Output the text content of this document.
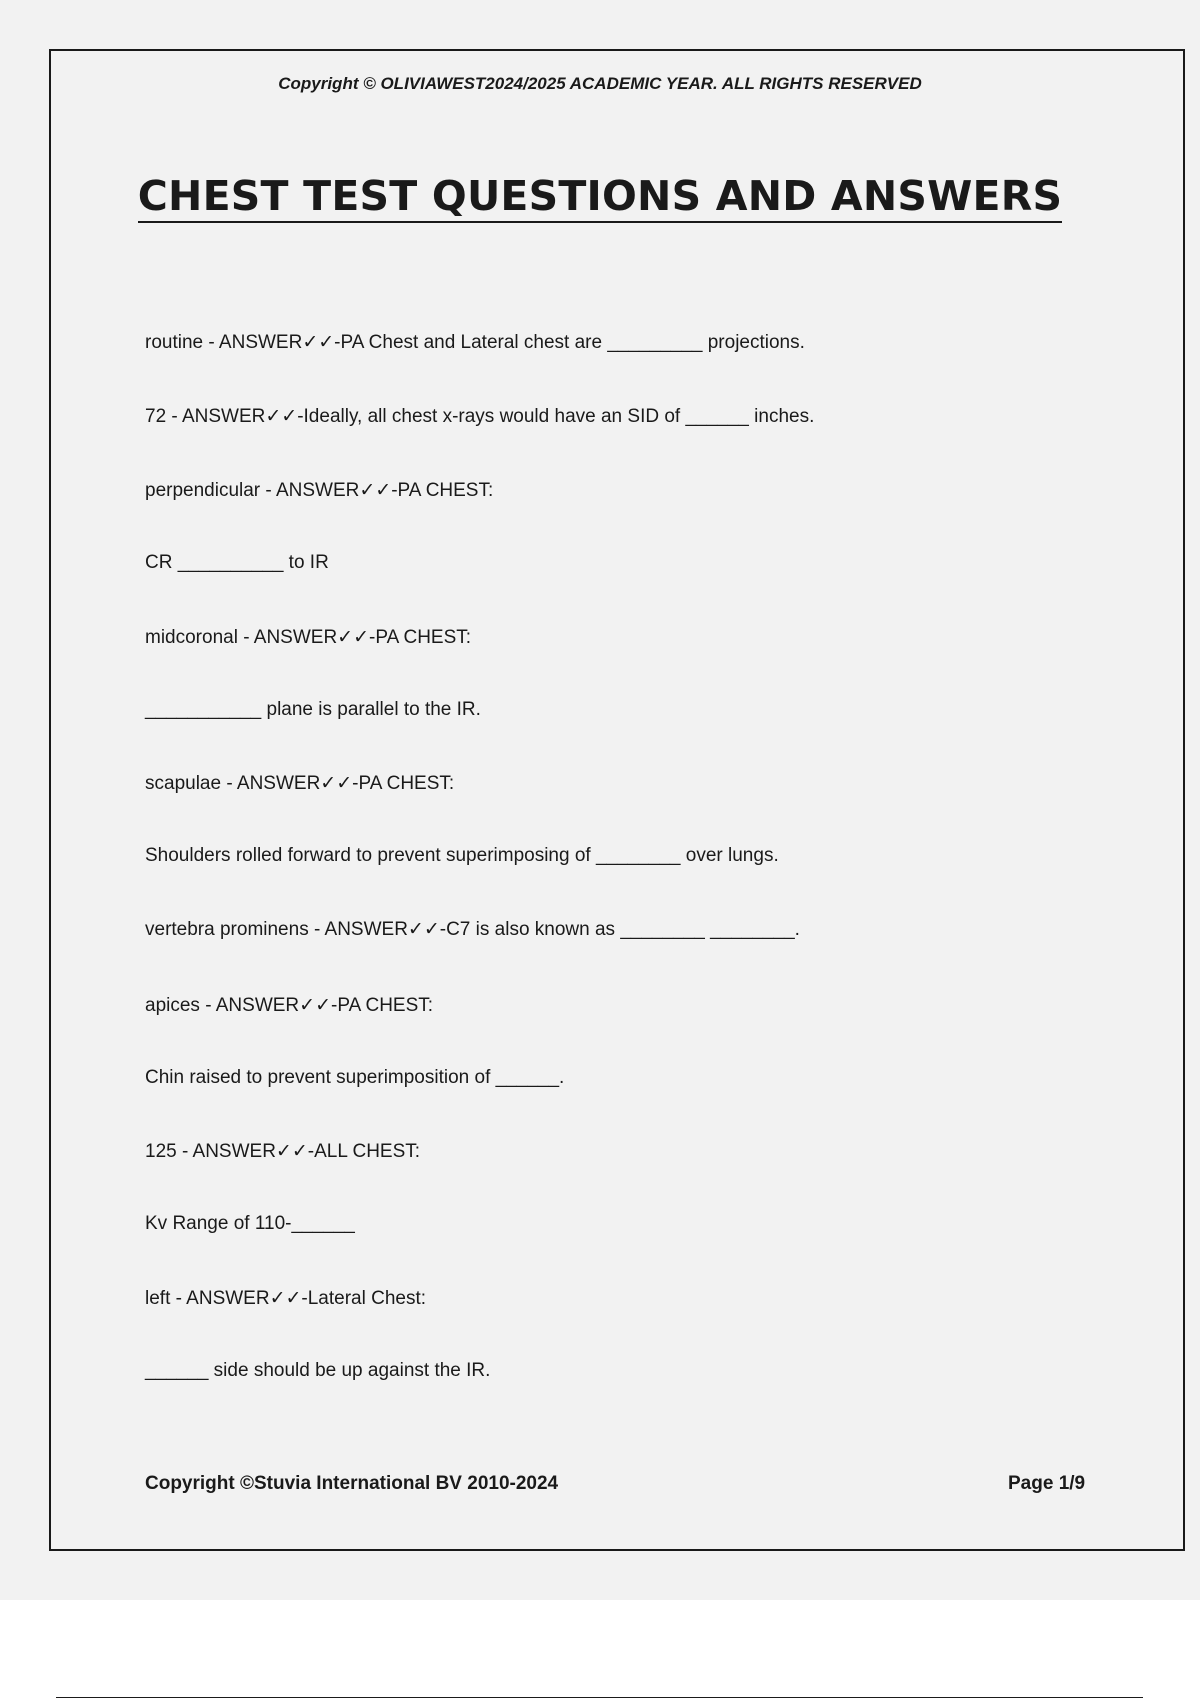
Copyright © OLIVIAWEST2024/2025 ACADEMIC YEAR. ALL RIGHTS RESERVED
CHEST TEST QUESTIONS AND ANSWERS
routine - ANSWER✓✓-PA Chest and Lateral chest are _________ projections.
72 - ANSWER✓✓-Ideally, all chest x-rays would have an SID of ______ inches.
perpendicular - ANSWER✓✓-PA CHEST:
CR __________ to IR
midcoronal - ANSWER✓✓-PA CHEST:
___________ plane is parallel to the IR.
scapulae - ANSWER✓✓-PA CHEST:
Shoulders rolled forward to prevent superimposing of ________ over lungs.
vertebra prominens - ANSWER✓✓-C7 is also known as ________ ________.
apices - ANSWER✓✓-PA CHEST:
Chin raised to prevent superimposition of ______.
125 - ANSWER✓✓-ALL CHEST:
Kv Range of 110-______
left - ANSWER✓✓-Lateral Chest:
______ side should be up against the IR.
Copyright ©Stuvia International BV 2010-2024	Page 1/9
